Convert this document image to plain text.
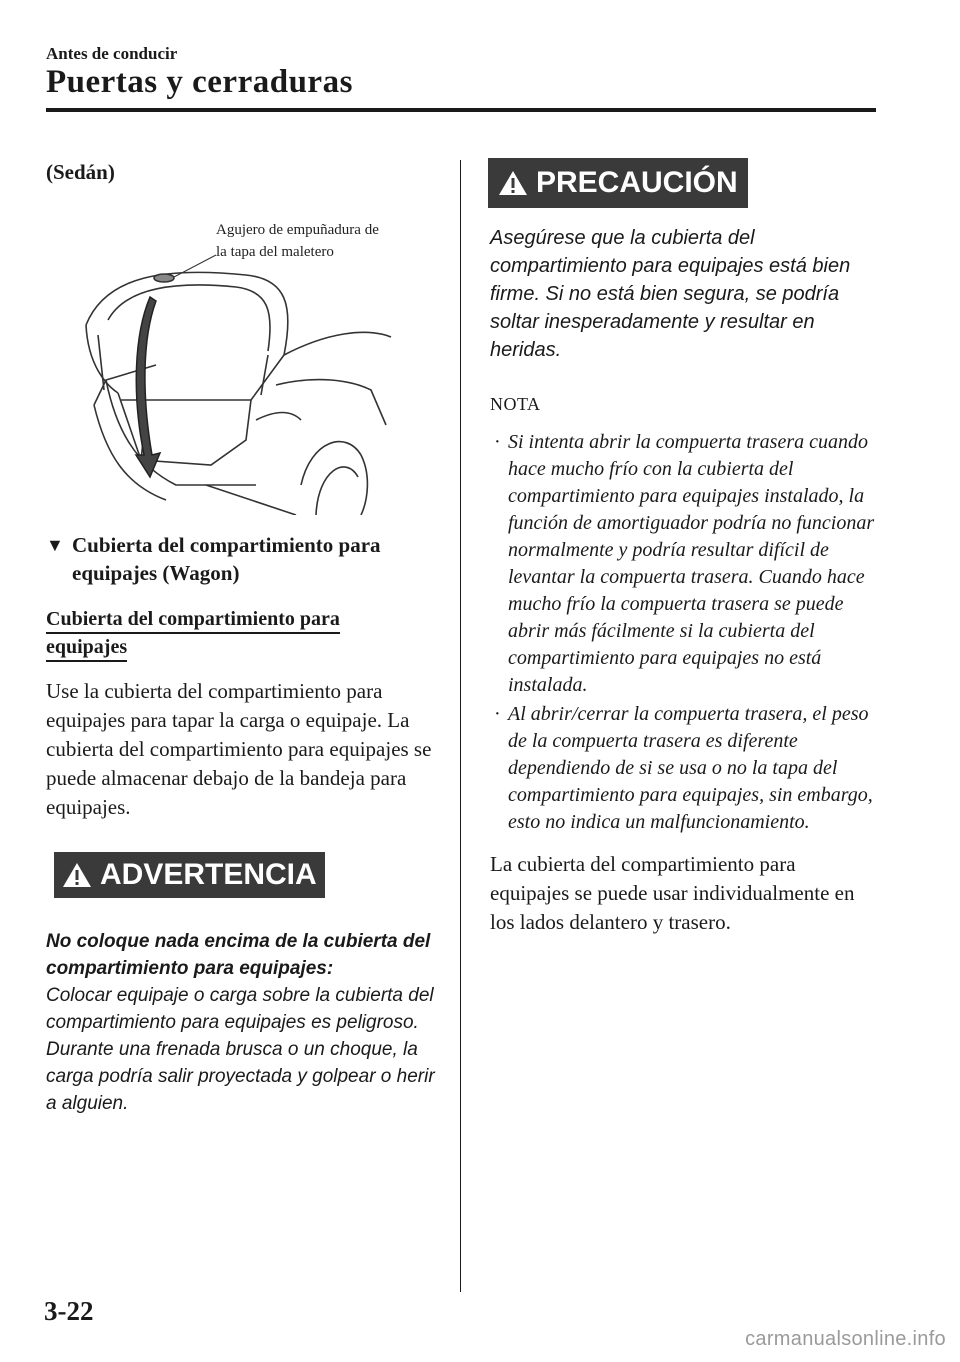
Antes de conducir
Puertas y cerraduras
(Sedán)
Agujero de empuñadura de
la tapa del maletero
▼ Cubierta del compartimiento para equipajes (Wagon)
Cubierta del compartimiento para
equipajes
Use la cubierta del compartimiento para equipajes para tapar la carga o equipaje. La cubierta del compartimiento para equipajes se puede almacenar debajo de la bandeja para equipajes.
ADVERTENCIA
No coloque nada encima de la cubierta del compartimiento para equipajes:
Colocar equipaje o carga sobre la cubierta del compartimiento para equipajes es peligroso. Durante una frenada brusca o un choque, la carga podría salir proyectada y golpear o herir a alguien.
PRECAUCIÓN
Asegúrese que la cubierta del compartimiento para equipajes está bien firme. Si no está bien segura, se podría soltar inesperadamente y resultar en heridas.
NOTA
· Si intenta abrir la compuerta trasera cuando hace mucho frío con la cubierta del compartimiento para equipajes instalado, la función de amortiguador podría no funcionar normalmente y podría resultar difícil de levantar la compuerta trasera. Cuando hace mucho frío la compuerta trasera se puede abrir más fácilmente si la cubierta del compartimiento para equipajes no está instalada.
· Al abrir/cerrar la compuerta trasera, el peso de la compuerta trasera es diferente dependiendo de si se usa o no la tapa del compartimiento para equipajes, sin embargo, esto no indica un malfuncionamiento.
La cubierta del compartimiento para equipajes se puede usar individualmente en los lados delantero y trasero.
3-22
carmanualsonline.info
